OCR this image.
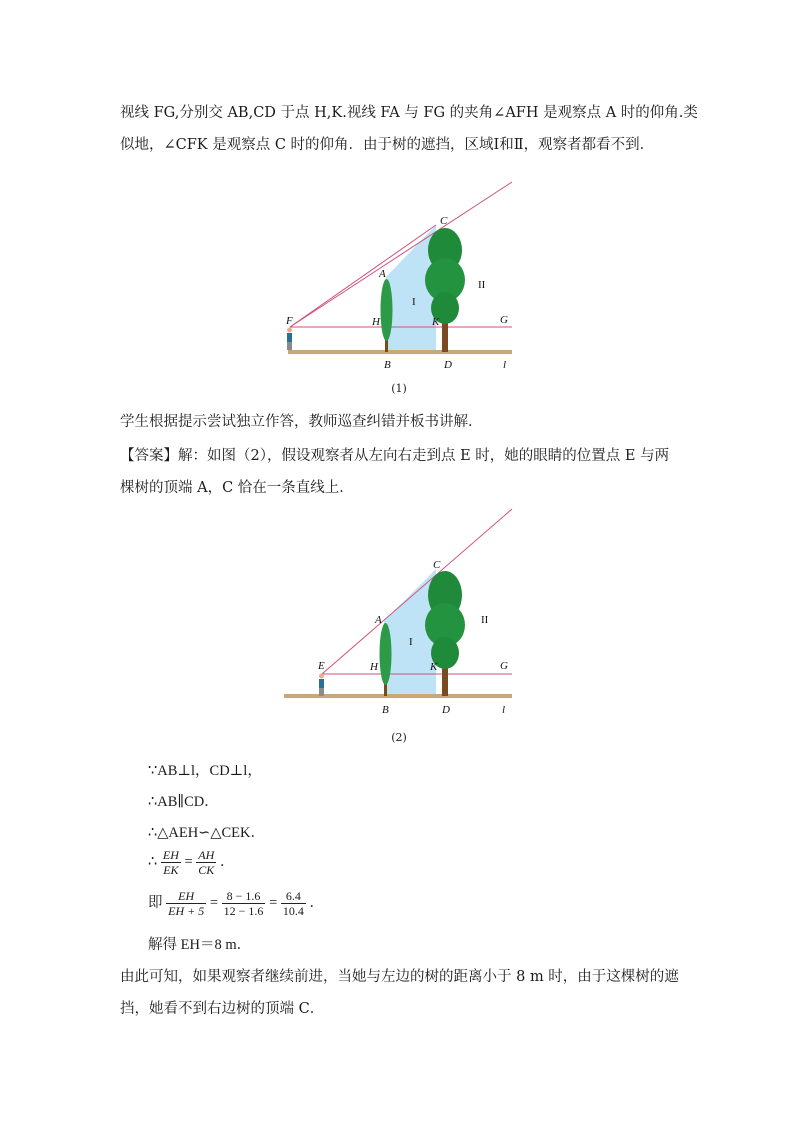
视线 FG,分别交 AB,CD 于点 H,K.视线 FA 与 FG 的夹角∠AFH 是观察点 A 时的仰角.类
似地，∠CFK 是观察点 C 时的仰角．由于树的遮挡，区域Ⅰ和Ⅱ，观察者都看不到．
C
A
F	H	K	G
B	D	l
I
II
(1)
学生根据提示尝试独立作答，教师巡查纠错并板书讲解．
【答案】解：如图（2），假设观察者从左向右走到点 E 时，她的眼睛的位置点 E 与两
棵树的顶端 A，C 恰在一条直线上．
C
A
E	H	K	G
B	D	l
I
II
(2)
∵AB⊥l，CD⊥l，
∴AB∥CD．
∴△AEH∽△CEK．
∴ $\frac{EH}{EK} = \frac{AH}{CK}$ ．
即 $\frac{EH}{EH + 5} = \frac{8 - 1.6}{12 - 1.6} = \frac{6.4}{10.4}$ ．
解得 EH＝8 m．
由此可知，如果观察者继续前进，当她与左边的树的距离小于 8 m 时，由于这棵树的遮
挡，她看不到右边树的顶端 C．
